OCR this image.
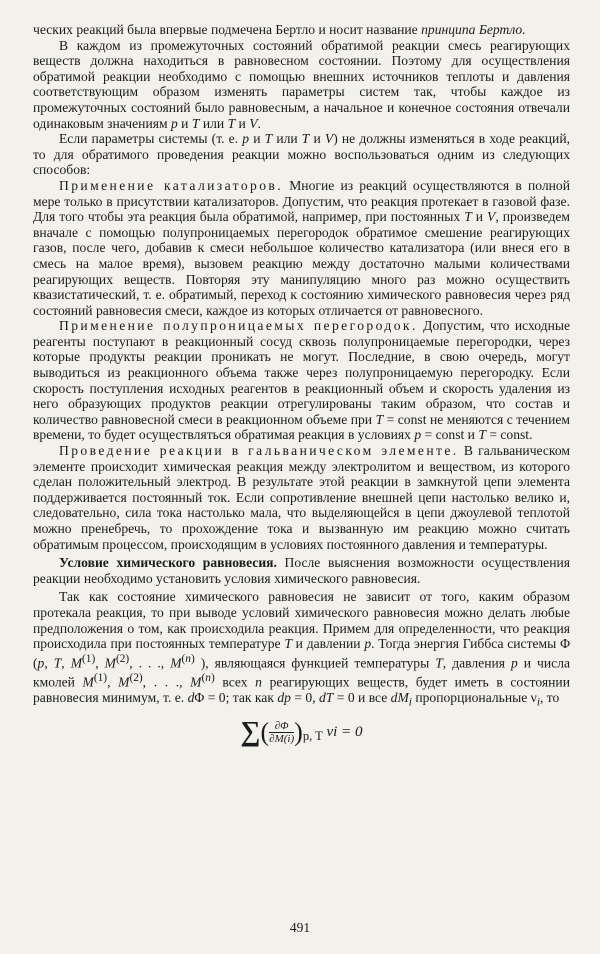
ческих реакций была впервые подмечена Бертло и носит название принципа Бертло.

В каждом из промежуточных состояний обратимой реакции смесь реагирующих веществ должна находиться в равновесном состоянии. Поэтому для осуществления обратимой реакции необходимо с помощью внешних источников теплоты и давления соответствующим образом изменять параметры систем так, чтобы каждое из промежуточных состояний было равновесным, а начальное и конечное состояния отвечали одинаковым значениям p и T или T и V.

Если параметры системы (т. е. p и T или T и V) не должны изменяться в ходе реакций, то для обратимого проведения реакции можно воспользоваться одним из следующих способов:

Применение катализаторов. Многие из реакций осуществляются в полной мере только в присутствии катализаторов. Допустим, что реакция протекает в газовой фазе. Для того чтобы эта реакция была обратимой, например, при постоянных T и V, произведем вначале с помощью полупроницаемых перегородок обратимое смешение реагирующих газов, после чего, добавив к смеси небольшое количество катализатора (или внеся его в смесь на малое время), вызовем реакцию между достаточно малыми количествами реагирующих веществ. Повторяя эту манипуляцию много раз можно осуществить квазистатический, т. е. обратимый, переход к состоянию химического равновесия через ряд состояний равновесия смеси, каждое из которых отличается от равновесного.

Применение полупроницаемых перегородок. Допустим, что исходные реагенты поступают в реакционный сосуд сквозь полупроницаемые перегородки, через которые продукты реакции проникать не могут. Последние, в свою очередь, могут выводиться из реакционного объема также через полупроницаемую перегородку. Если скорость поступления исходных реагентов в реакционный объем и скорость удаления из него образующих продуктов реакции отрегулированы таким образом, что состав и количество равновесной смеси в реакционном объеме при T = const не меняются с течением времени, то будет осуществляться обратимая реакция в условиях p = const и T = const.

Проведение реакции в гальваническом элементе. В гальваническом элементе происходит химическая реакция между электролитом и веществом, из которого сделан положительный электрод. В результате этой реакции в замкнутой цепи элемента поддерживается постоянный ток. Если сопротивление внешней цепи настолько велико и, следовательно, сила тока настолько мала, что выделяющейся в цепи джоулевой теплотой можно пренебречь, то прохождение тока и вызванную им реакцию можно считать обратимым процессом, происходящим в условиях постоянного давления и температуры.

Условие химического равновесия. После выяснения возможности осуществления реакции необходимо установить условия химического равновесия.

Так как состояние химического равновесия не зависит от того, каким образом протекала реакция, то при выводе условий химического равновесия можно делать любые предположения о том, как происходила реакция. Примем для определенности, что реакция происходила при постоянных температуре T и давлении p. Тогда энергия Гиббса системы Φ (p, T, $M^{(1)}$, $M^{(2)}$, . . ., $M^{(n)}$ ), являющаяся функцией температуры T, давления p и числа кмолей $M^{(1)}$, $M^{(2)}$, . . ., $M^{(n)}$ всех n реагирующих веществ, будет иметь в состоянии равновесия минимум, т. е. dΦ = 0; так как dp = 0, dT = 0 и все $dM_i$ пропорциональные $\nu_i$, то

∑( $\frac{\partial\Phi}{\partial M(i)} )_{p, T}$ νi = 0

491
